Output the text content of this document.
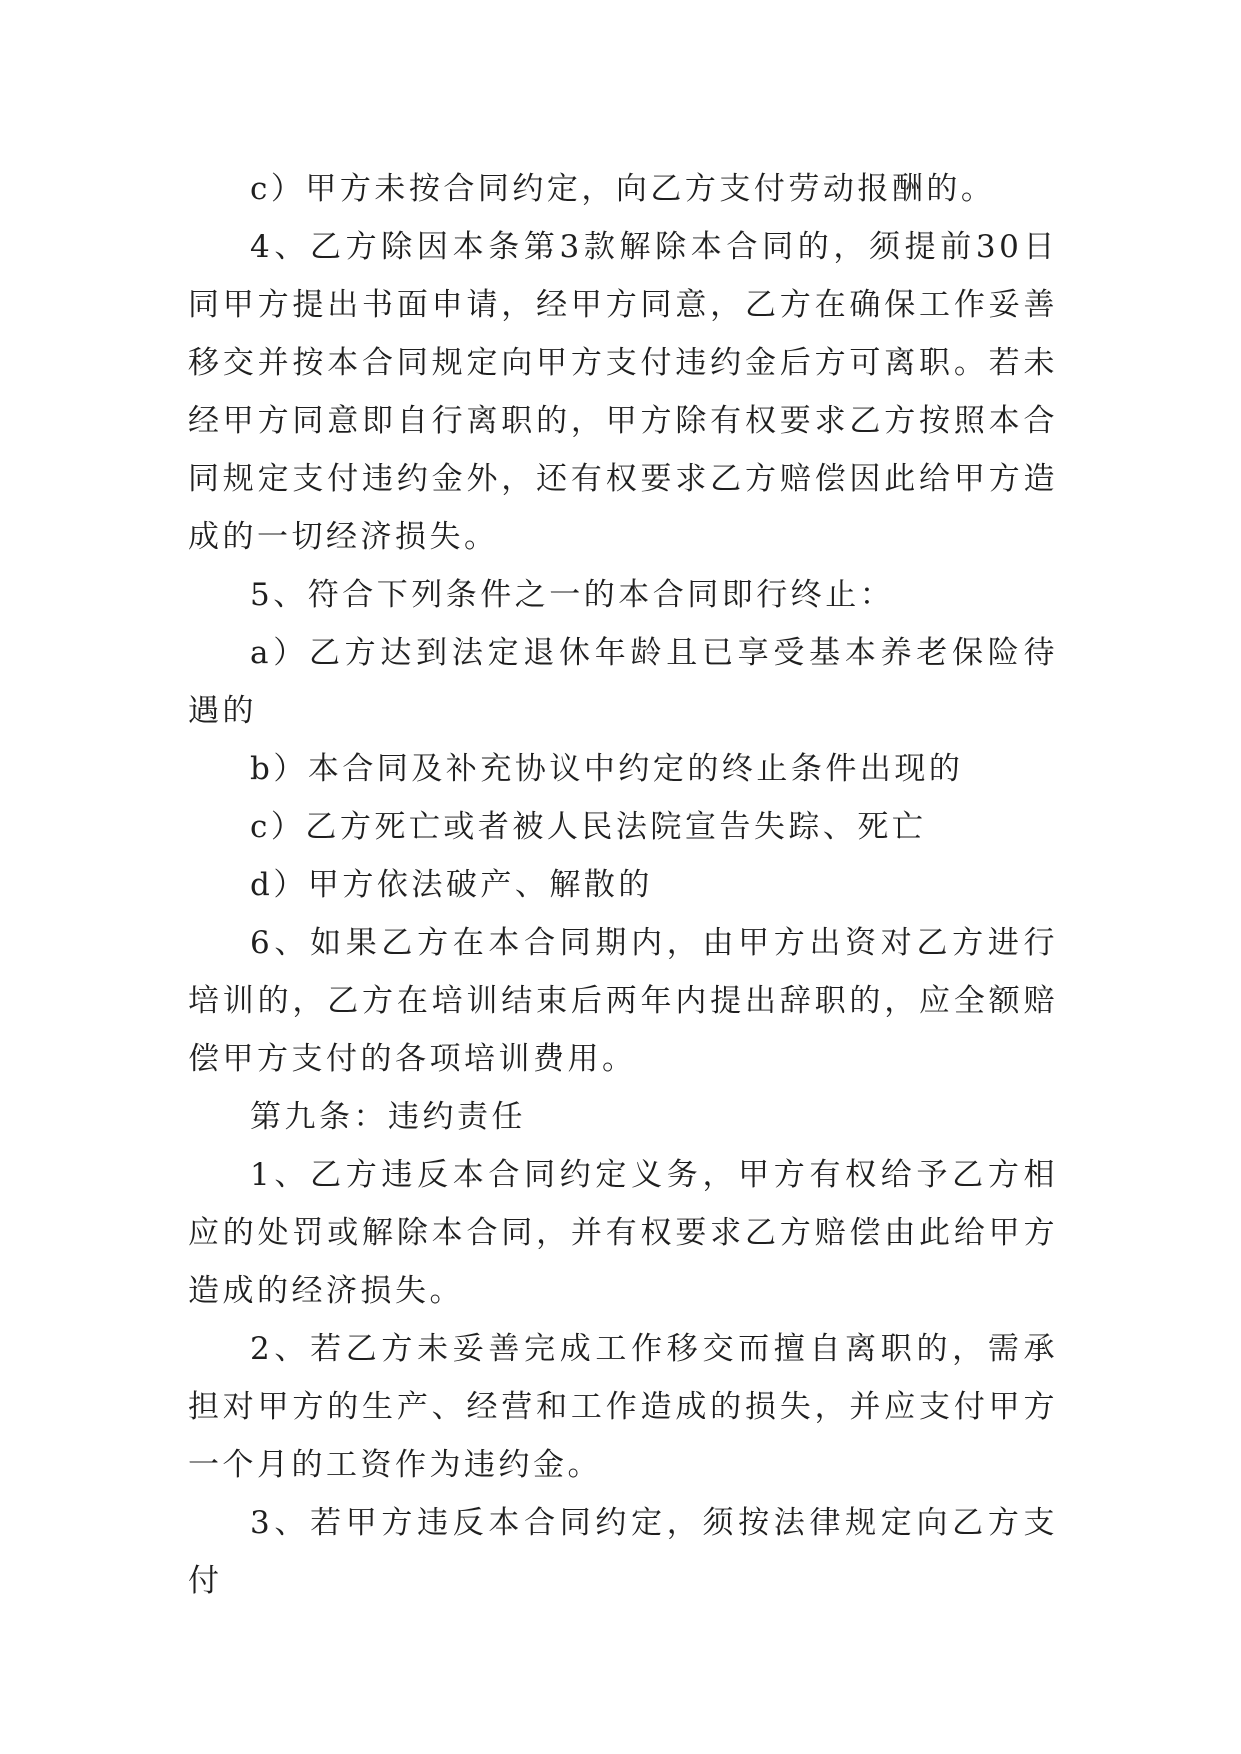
c）甲方未按合同约定，向乙方支付劳动报酬的。

4、乙方除因本条第3款解除本合同的，须提前30日同甲方提出书面申请，经甲方同意，乙方在确保工作妥善移交并按本合同规定向甲方支付违约金后方可离职。若未经甲方同意即自行离职的，甲方除有权要求乙方按照本合同规定支付违约金外，还有权要求乙方赔偿因此给甲方造成的一切经济损失。

5、符合下列条件之一的本合同即行终止：

a）乙方达到法定退休年龄且已享受基本养老保险待遇的

b）本合同及补充协议中约定的终止条件出现的

c）乙方死亡或者被人民法院宣告失踪、死亡

d）甲方依法破产、解散的

6、如果乙方在本合同期内，由甲方出资对乙方进行培训的，乙方在培训结束后两年内提出辞职的，应全额赔偿甲方支付的各项培训费用。

第九条：违约责任

1、乙方违反本合同约定义务，甲方有权给予乙方相应的处罚或解除本合同，并有权要求乙方赔偿由此给甲方造成的经济损失。

2、若乙方未妥善完成工作移交而擅自离职的，需承担对甲方的生产、经营和工作造成的损失，并应支付甲方一个月的工资作为违约金。

3、若甲方违反本合同约定，须按法律规定向乙方支付
